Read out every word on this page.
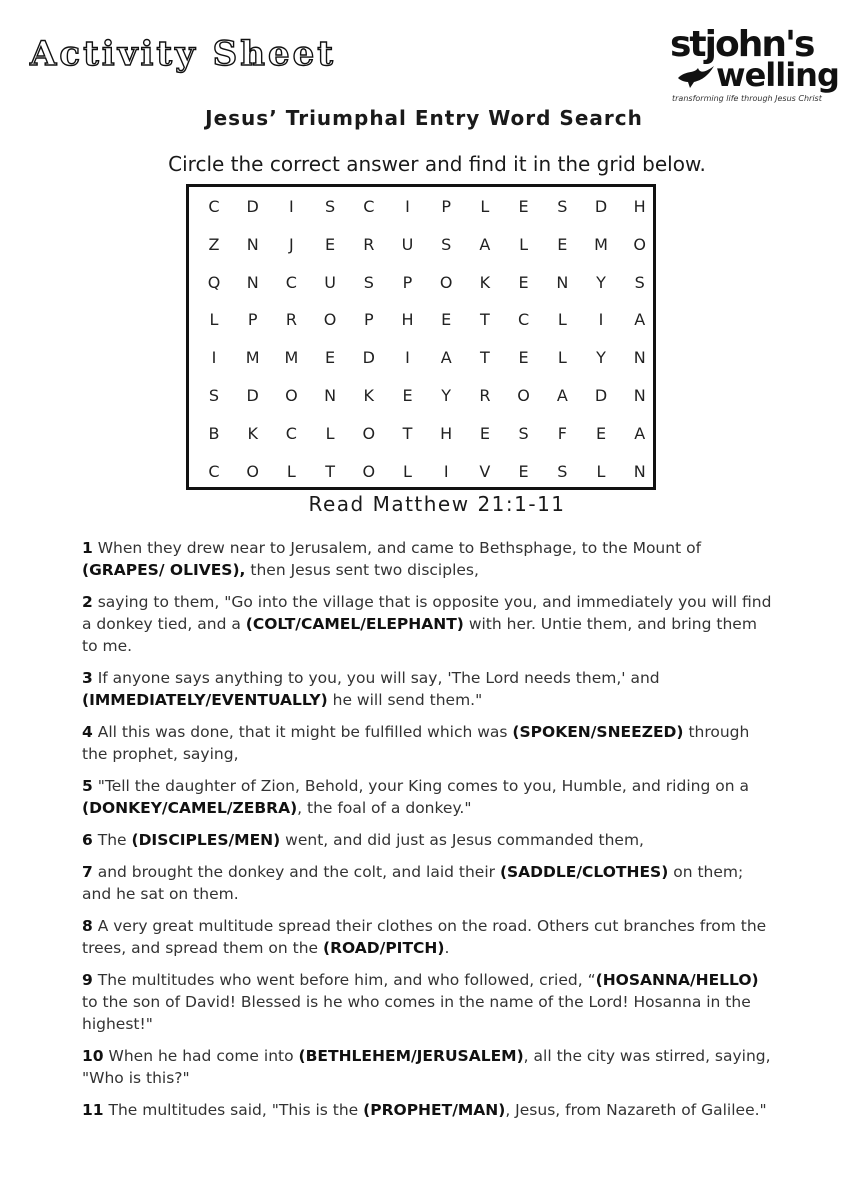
Activity Sheet	stjohn's
welling
transforming life through Jesus Christ
Jesus’ Triumphal Entry Word Search
Circle the correct answer and find it in the grid below.
C	D	I	S	C	I	P	L	E	S	D	H
Z	N	J	E	R	U	S	A	L	E	M	O
Q	N	C	U	S	P	O	K	E	N	Y	S
L	P	R	O	P	H	E	T	C	L	I	A
I	M	M	E	D	I	A	T	E	L	Y	N
S	D	O	N	K	E	Y	R	O	A	D	N
B	K	C	L	O	T	H	E	S	F	E	A
C	O	L	T	O	L	I	V	E	S	L	N
Read Matthew 21:1-11
1 When they drew near to Jerusalem, and came to Bethsphage, to the Mount of (GRAPES/ OLIVES), then Jesus sent two disciples,
2 saying to them, "Go into the village that is opposite you, and immediately you will find a donkey tied, and a (COLT/CAMEL/ELEPHANT) with her. Untie them, and bring them to me.
3 If anyone says anything to you, you will say, 'The Lord needs them,' and (IMMEDIATELY/EVENTUALLY) he will send them."
4 All this was done, that it might be fulfilled which was (SPOKEN/SNEEZED) through the prophet, saying,
5 "Tell the daughter of Zion, Behold, your King comes to you, Humble, and riding on a (DONKEY/CAMEL/ZEBRA), the foal of a donkey."
6 The (DISCIPLES/MEN) went, and did just as Jesus commanded them,
7 and brought the donkey and the colt, and laid their (SADDLE/CLOTHES) on them; and he sat on them.
8 A very great multitude spread their clothes on the road. Others cut branches from the trees, and spread them on the (ROAD/PITCH).
9 The multitudes who went before him, and who followed, cried, “(HOSANNA/HELLO) to the son of David! Blessed is he who comes in the name of the Lord! Hosanna in the highest!"
10 When he had come into (BETHLEHEM/JERUSALEM), all the city was stirred, saying, "Who is this?"
11 The multitudes said, "This is the (PROPHET/MAN), Jesus, from Nazareth of Galilee."
